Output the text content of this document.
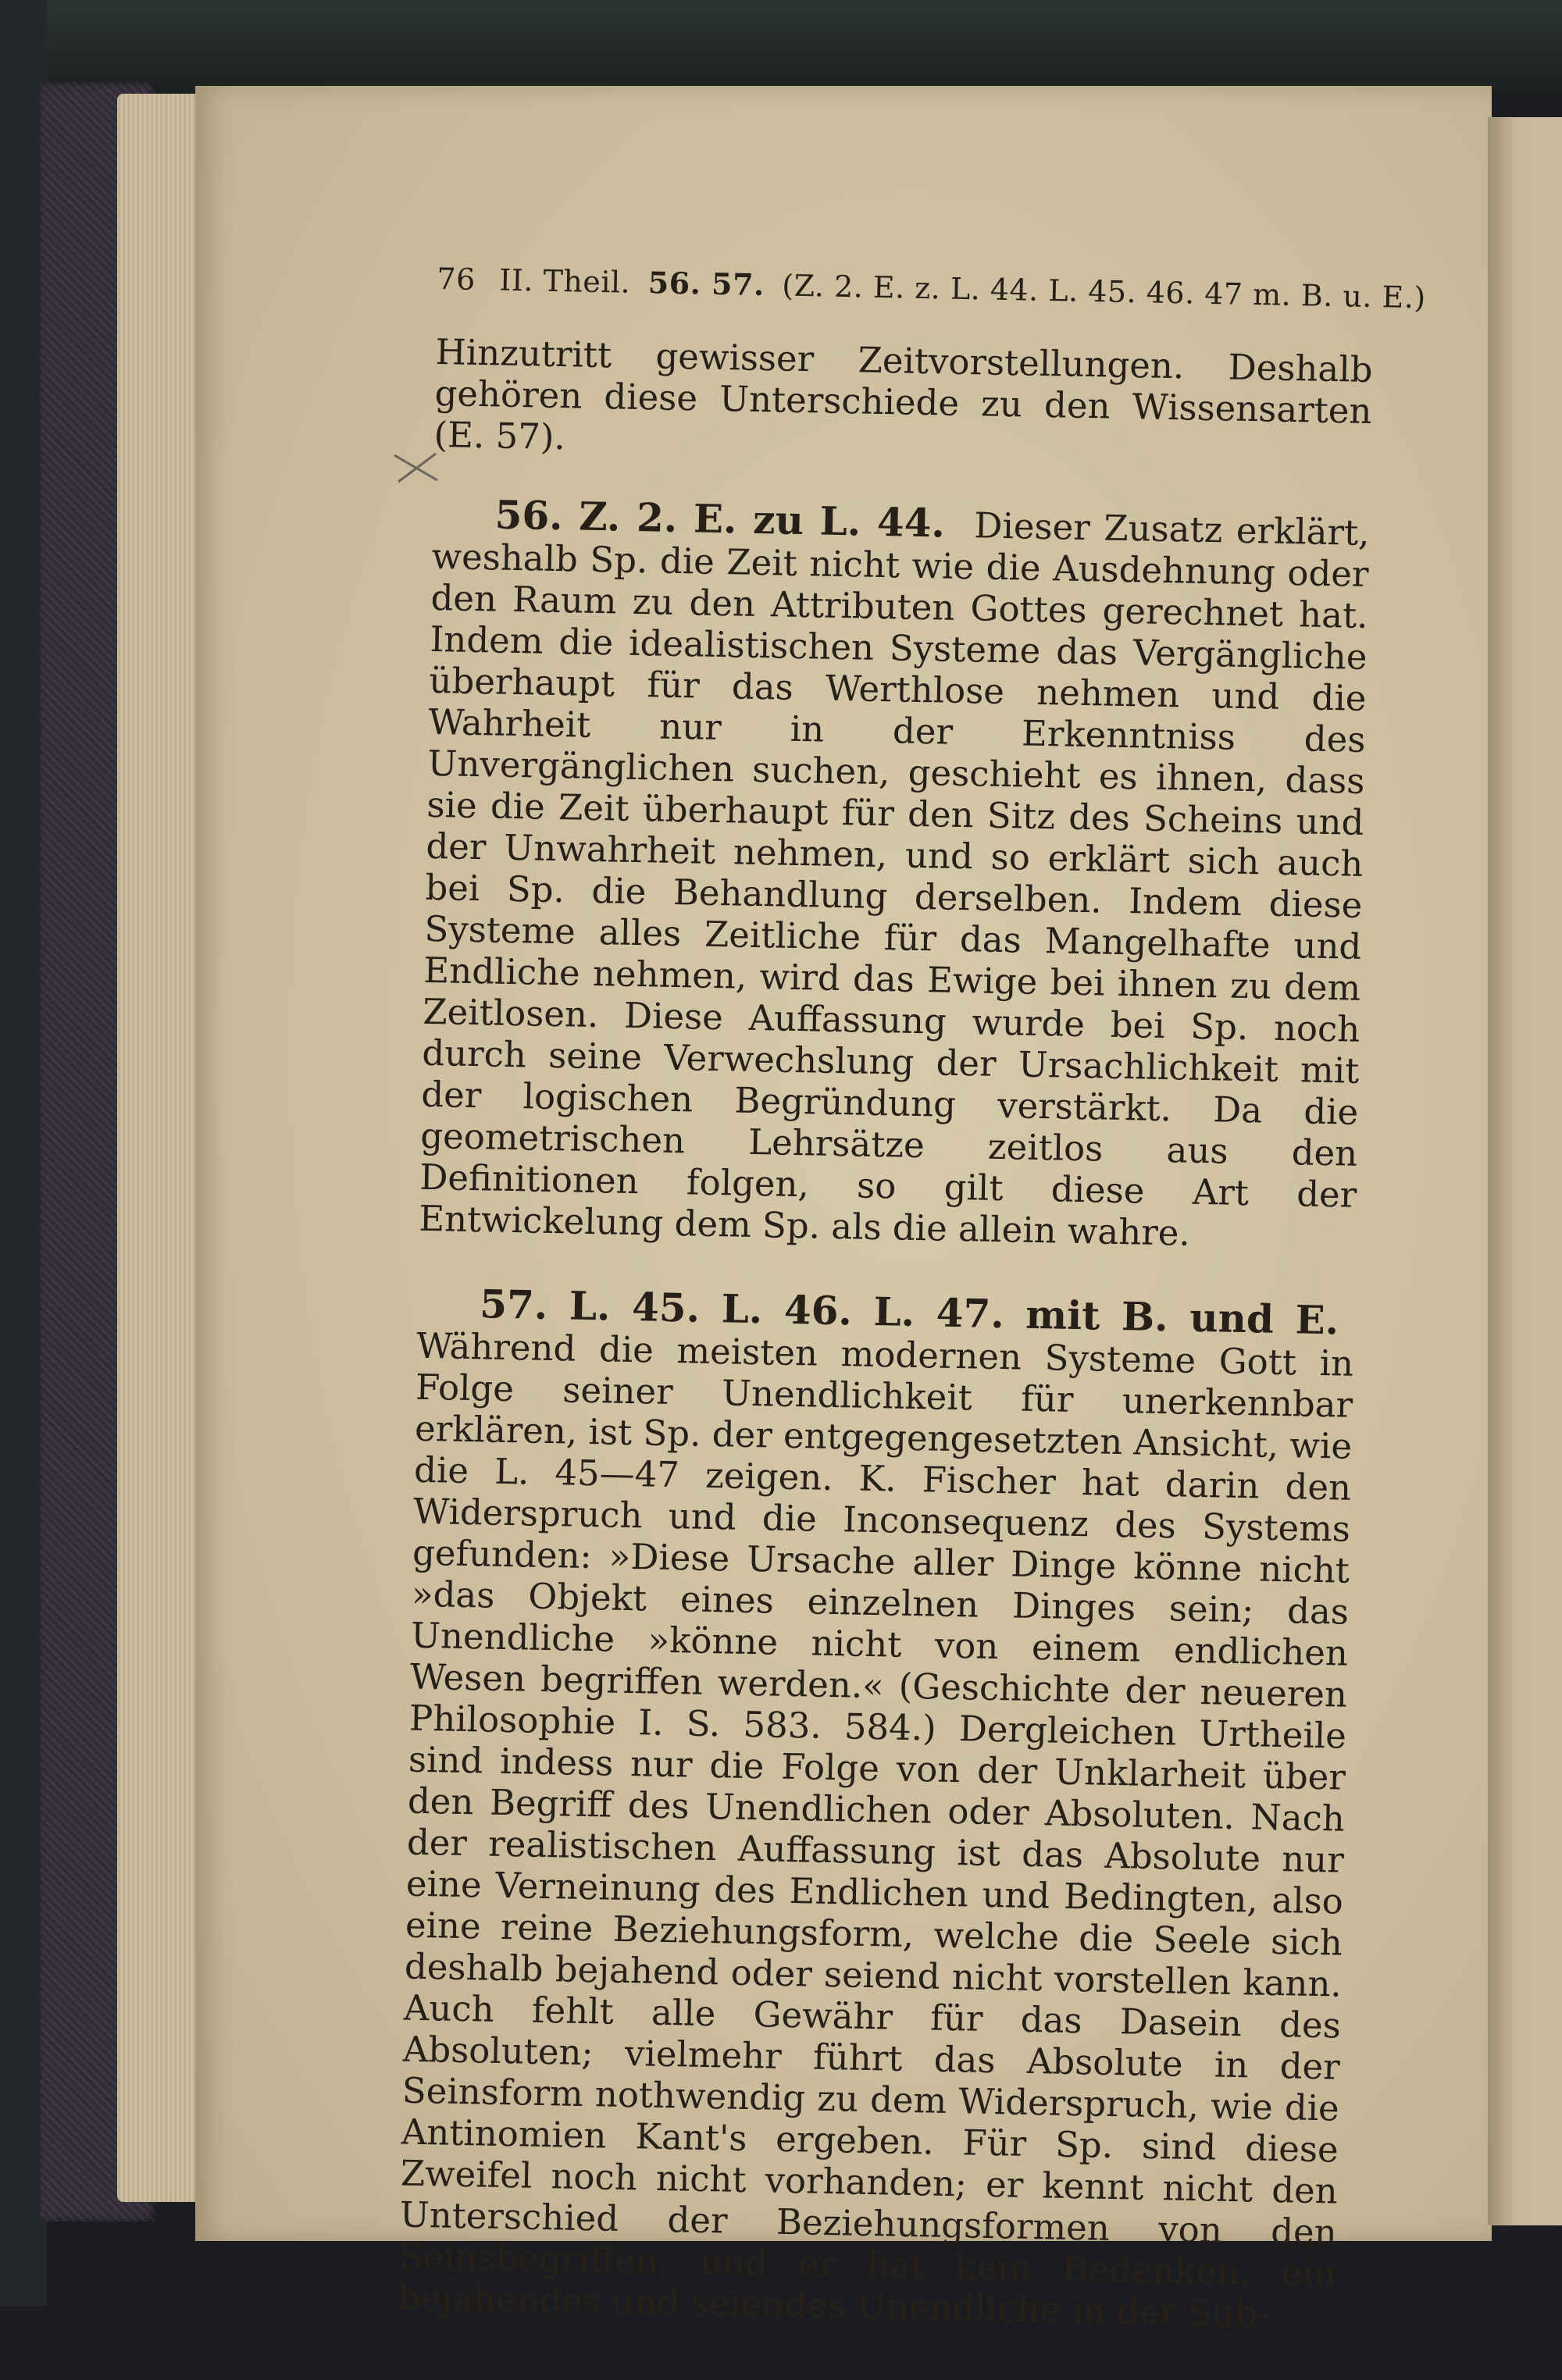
76 II. Theil. 56. 57. (Z. 2. E. z. L. 44. L. 45. 46. 47 m. B. u. E.)

Hinzutritt gewisser Zeitvorstellungen. Deshalb gehören diese Unterschiede zu den Wissensarten (E. 57).

56. Z. 2. E. zu L. 44. Dieser Zusatz erklärt, weshalb Sp. die Zeit nicht wie die Ausdehnung oder den Raum zu den Attributen Gottes gerechnet hat. Indem die idealistischen Systeme das Vergängliche überhaupt für das Werthlose nehmen und die Wahrheit nur in der Erkenntniss des Unvergänglichen suchen, geschieht es ihnen, dass sie die Zeit überhaupt für den Sitz des Scheins und der Unwahrheit nehmen, und so erklärt sich auch bei Sp. die Behandlung derselben. Indem diese Systeme alles Zeitliche für das Mangelhafte und Endliche nehmen, wird das Ewige bei ihnen zu dem Zeitlosen. Diese Auffassung wurde bei Sp. noch durch seine Verwechslung der Ursachlichkeit mit der logischen Begründung verstärkt. Da die geometrischen Lehrsätze zeitlos aus den Definitionen folgen, so gilt diese Art der Entwickelung dem Sp. als die allein wahre.

57. L. 45. L. 46. L. 47. mit B. und E. Während die meisten modernen Systeme Gott in Folge seiner Unendlichkeit für unerkennbar erklären, ist Sp. der entgegengesetzten Ansicht, wie die L. 45—47 zeigen. K. Fischer hat darin den Widerspruch und die Inconsequenz des Systems gefunden: »Diese Ursache aller Dinge könne nicht »das Objekt eines einzelnen Dinges sein; das Unendliche »könne nicht von einem endlichen Wesen begriffen werden.« (Geschichte der neueren Philosophie I. S. 583. 584.) Dergleichen Urtheile sind indess nur die Folge von der Unklarheit über den Begriff des Unendlichen oder Absoluten. Nach der realistischen Auffassung ist das Absolute nur eine Verneinung des Endlichen und Bedingten, also eine reine Beziehungsform, welche die Seele sich deshalb bejahend oder seiend nicht vorstellen kann. Auch fehlt alle Gewähr für das Dasein des Absoluten; vielmehr führt das Absolute in der Seinsform nothwendig zu dem Widerspruch, wie die Antinomien Kant's ergeben. Für Sp. sind diese Zweifel noch nicht vorhanden; er kennt nicht den Unterschied der Beziehungsformen von den Seinsbegriffen, und er hat kein Bedenken, ein bejahendes und seiendes Unendliche in der Sub-
